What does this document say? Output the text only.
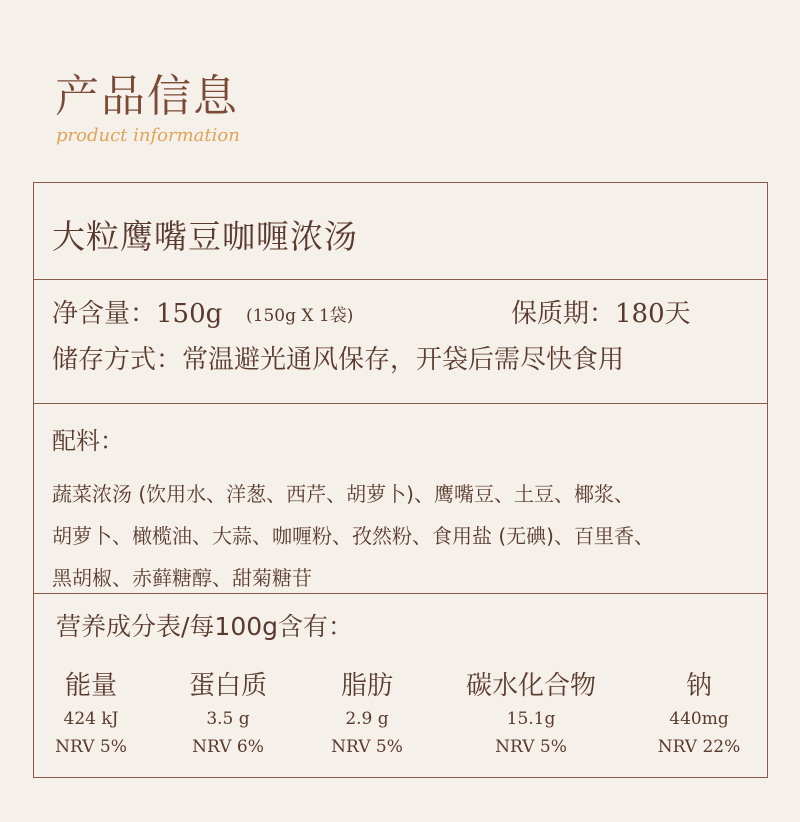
产品信息
product information
大粒鹰嘴豆咖喱浓汤
净含量：150g (150g X 1袋)	保质期：180天
储存方式：常温避光通风保存，开袋后需尽快食用
配料：
蔬菜浓汤 (饮用水、洋葱、西芹、胡萝卜)、鹰嘴豆、土豆、椰浆、
胡萝卜、橄榄油、大蒜、咖喱粉、孜然粉、食用盐 (无碘)、百里香、
黑胡椒、赤藓糖醇、甜菊糖苷
营养成分表/每100g含有：
能量
424 kJ
NRV 5%
蛋白质
3.5 g
NRV 6%
脂肪
2.9 g
NRV 5%
碳水化合物
15.1g
NRV 5%
钠
440mg
NRV 22%
